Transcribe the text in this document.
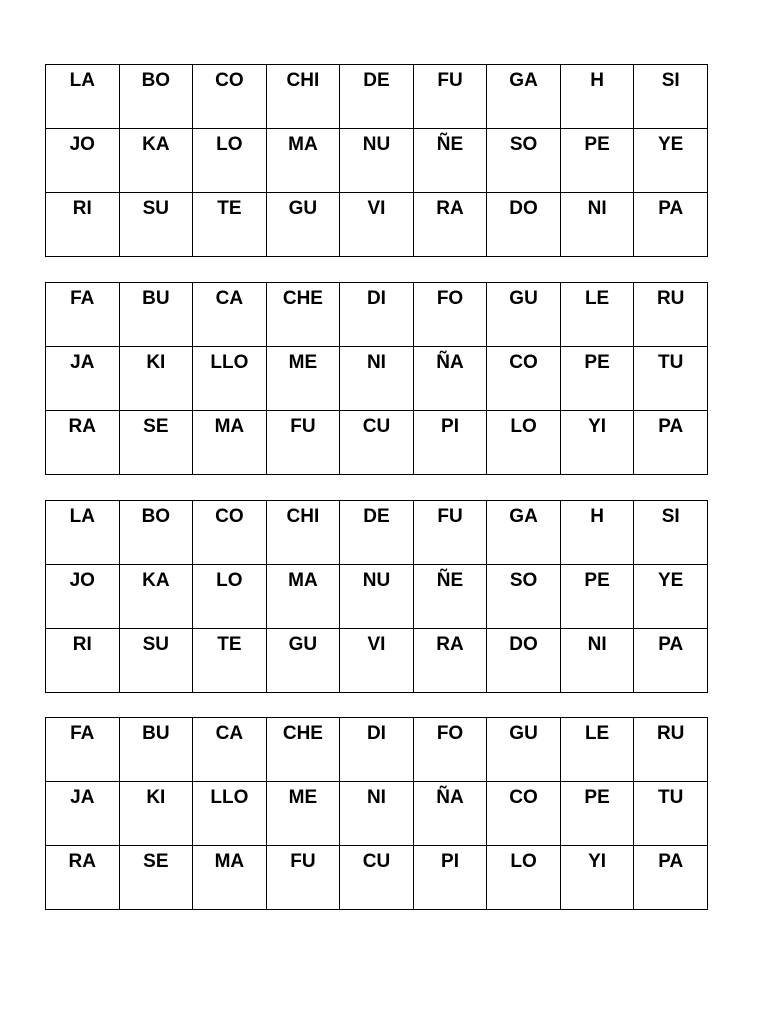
LA	BO	CO	CHI	DE	FU	GA	H	SI

JO	KA	LO	MA	NU	ÑE	SO	PE	YE

RI	SU	TE	GU	VI	RA	DO	NI	PA
FA	BU	CA	CHE	DI	FO	GU	LE	RU

JA	KI	LLO	ME	NI	ÑA	CO	PE	TU

RA	SE	MA	FU	CU	PI	LO	YI	PA
LA	BO	CO	CHI	DE	FU	GA	H	SI

JO	KA	LO	MA	NU	ÑE	SO	PE	YE

RI	SU	TE	GU	VI	RA	DO	NI	PA
FA	BU	CA	CHE	DI	FO	GU	LE	RU

JA	KI	LLO	ME	NI	ÑA	CO	PE	TU

RA	SE	MA	FU	CU	PI	LO	YI	PA
